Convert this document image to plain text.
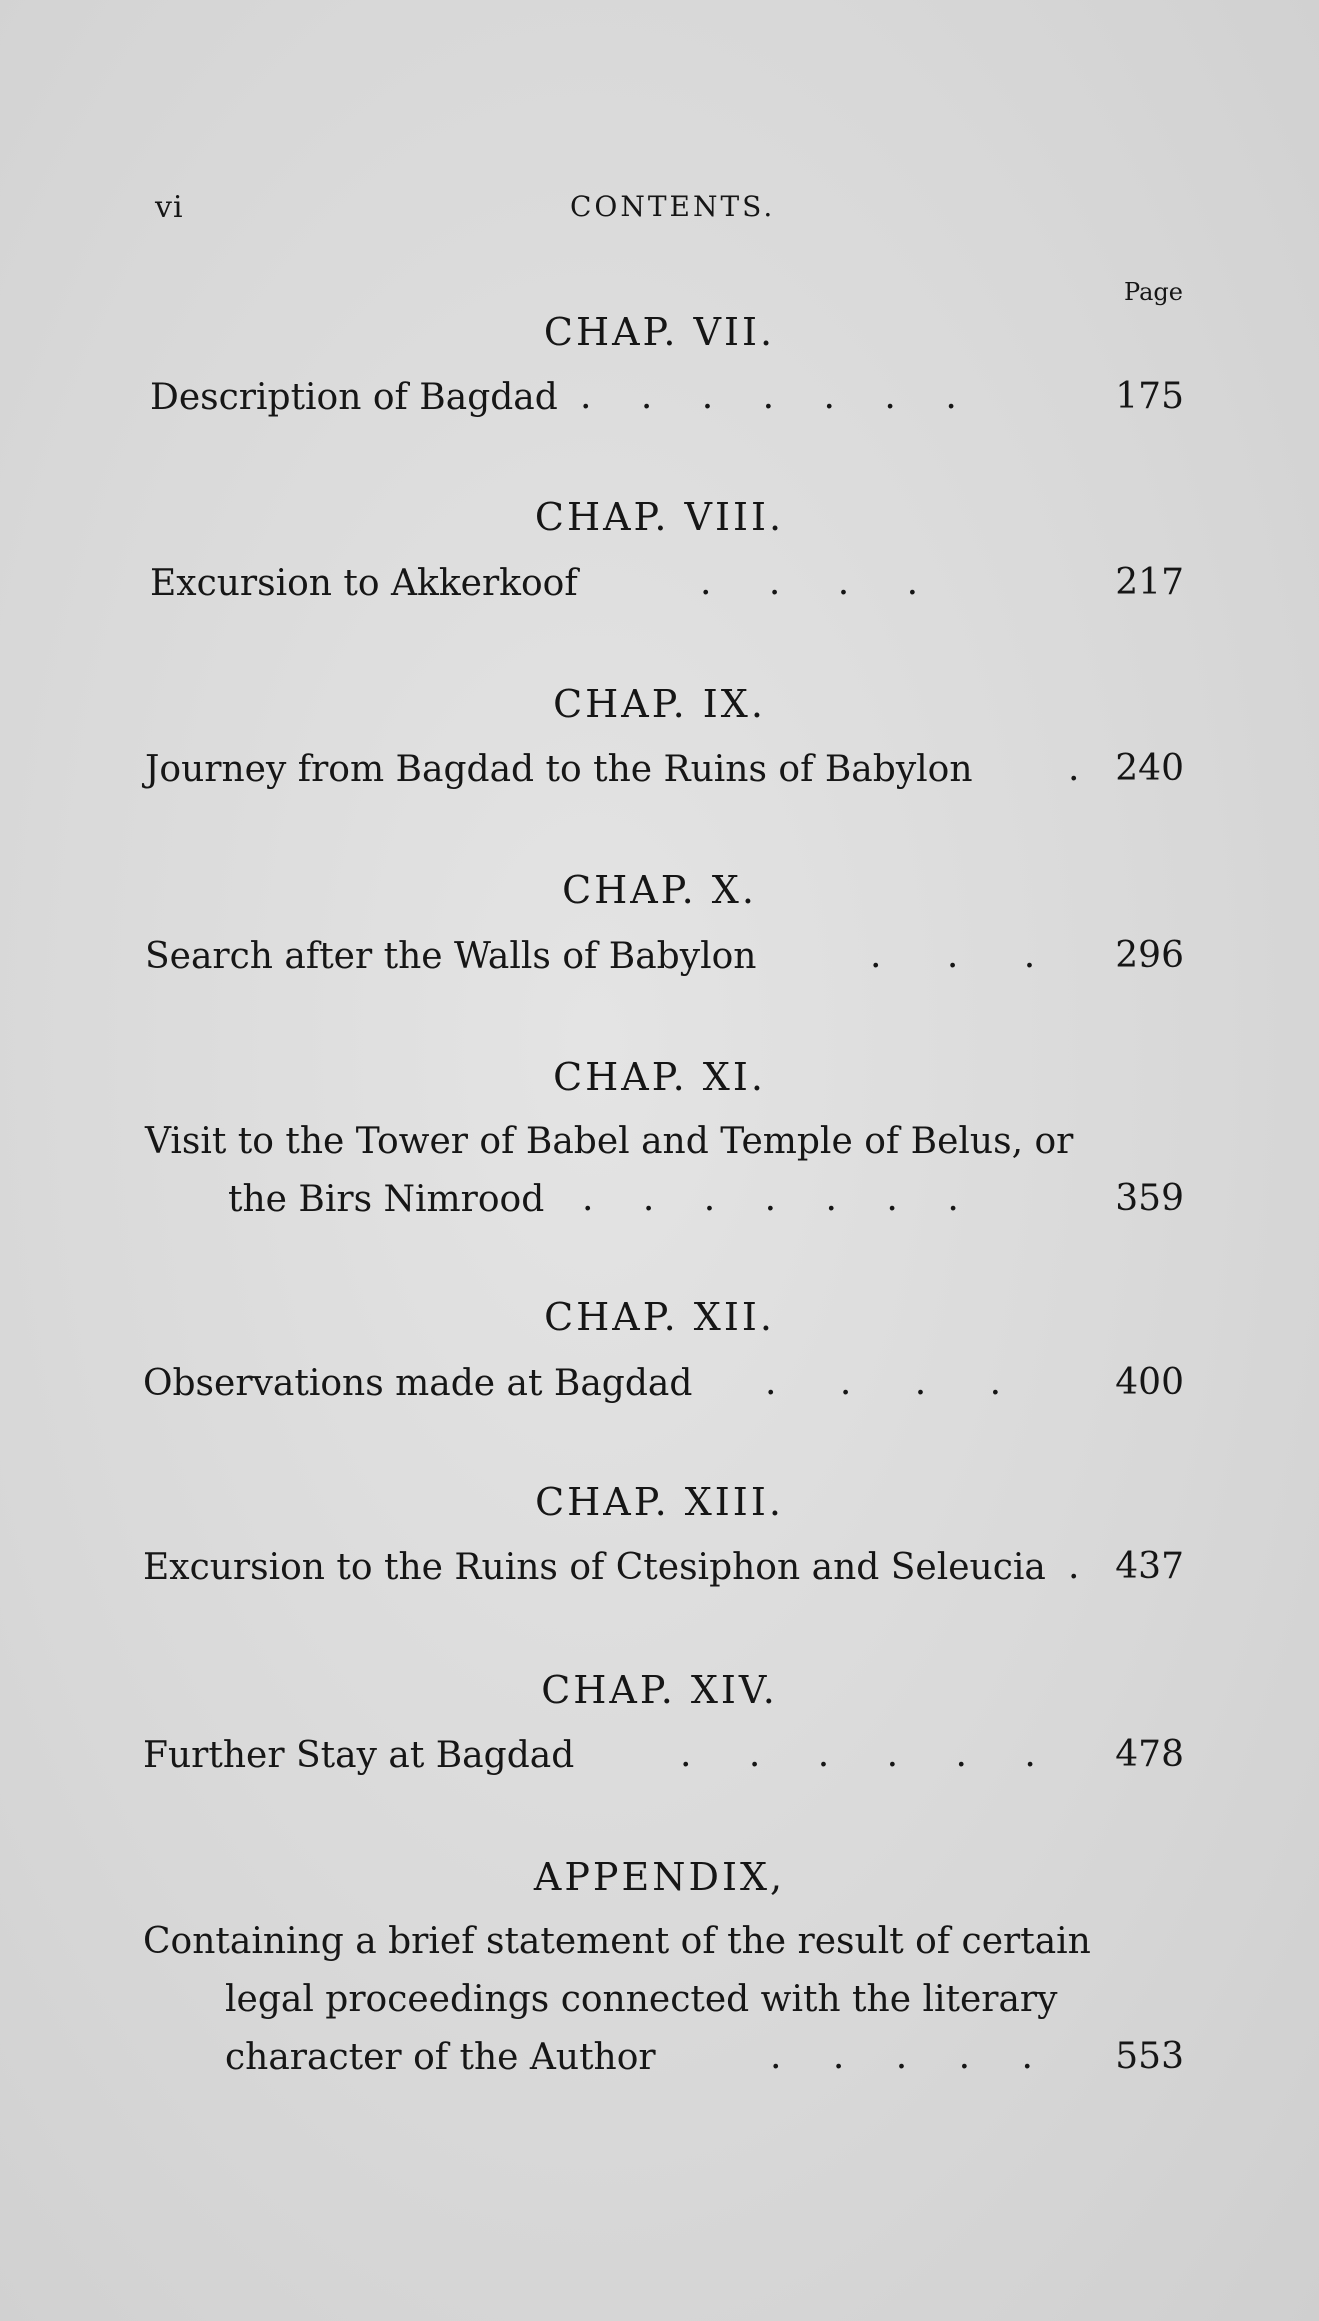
vi	CONTENTS.
Page
CHAP. VII.
Description of Bagdad . . . . . . .	175
CHAP. VIII.
Excursion to Akkerkoof	. . . .	217
CHAP. IX.
Journey from Bagdad to the Ruins of Babylon	. 240
CHAP. X.
Search after the Walls of Babylon	. . .	296
CHAP. XI.
Visit to the Tower of Babel and Temple of Belus, or
the Birs Nimrood . . . . . . .	359
CHAP. XII.
Observations made at Bagdad . . . .	400
CHAP. XIII.
Excursion to the Ruins of Ctesiphon and Seleucia . 437
CHAP. XIV.
Further Stay at Bagdad	. . . . . .	478
APPENDIX,
Containing a brief statement of the result of certain
legal proceedings connected with the literary
character of the Author	. . . . .	553
